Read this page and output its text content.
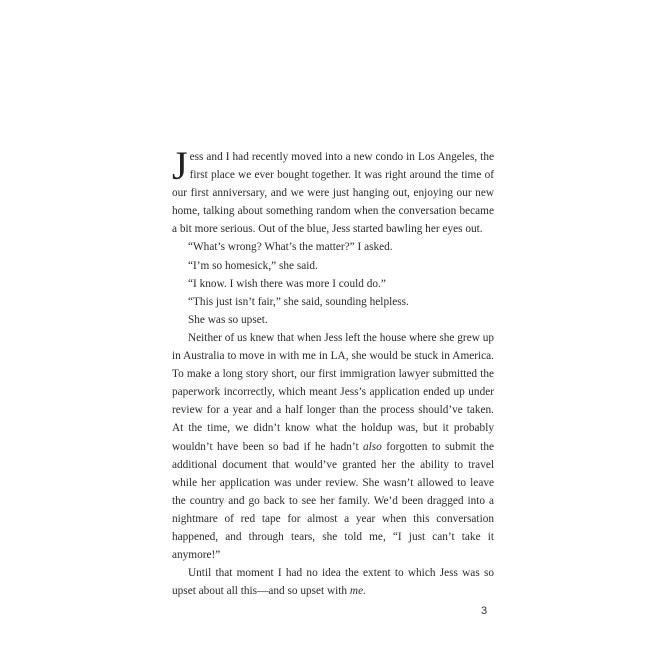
Jess and I had recently moved into a new condo in Los Angeles, the first place we ever bought together. It was right around the time of our first anniversary, and we were just hanging out, enjoying our new home, talking about something random when the conversation became a bit more serious. Out of the blue, Jess started bawling her eyes out.

“What’s wrong? What’s the matter?” I asked.

“I’m so homesick,” she said.

“I know. I wish there was more I could do.”

“This just isn’t fair,” she said, sounding helpless.

She was so upset.

Neither of us knew that when Jess left the house where she grew up in Australia to move in with me in LA, she would be stuck in America. To make a long story short, our first immigration lawyer submitted the paperwork incorrectly, which meant Jess’s application ended up under review for a year and a half longer than the process should’ve taken. At the time, we didn’t know what the holdup was, but it probably wouldn’t have been so bad if he hadn’t also forgotten to submit the additional document that would’ve granted her the ability to travel while her application was under review. She wasn’t allowed to leave the country and go back to see her family. We’d been dragged into a nightmare of red tape for almost a year when this conversation happened, and through tears, she told me, “I just can’t take it anymore!”

Until that moment I had no idea the extent to which Jess was so upset about all this—and so upset with me.

3
